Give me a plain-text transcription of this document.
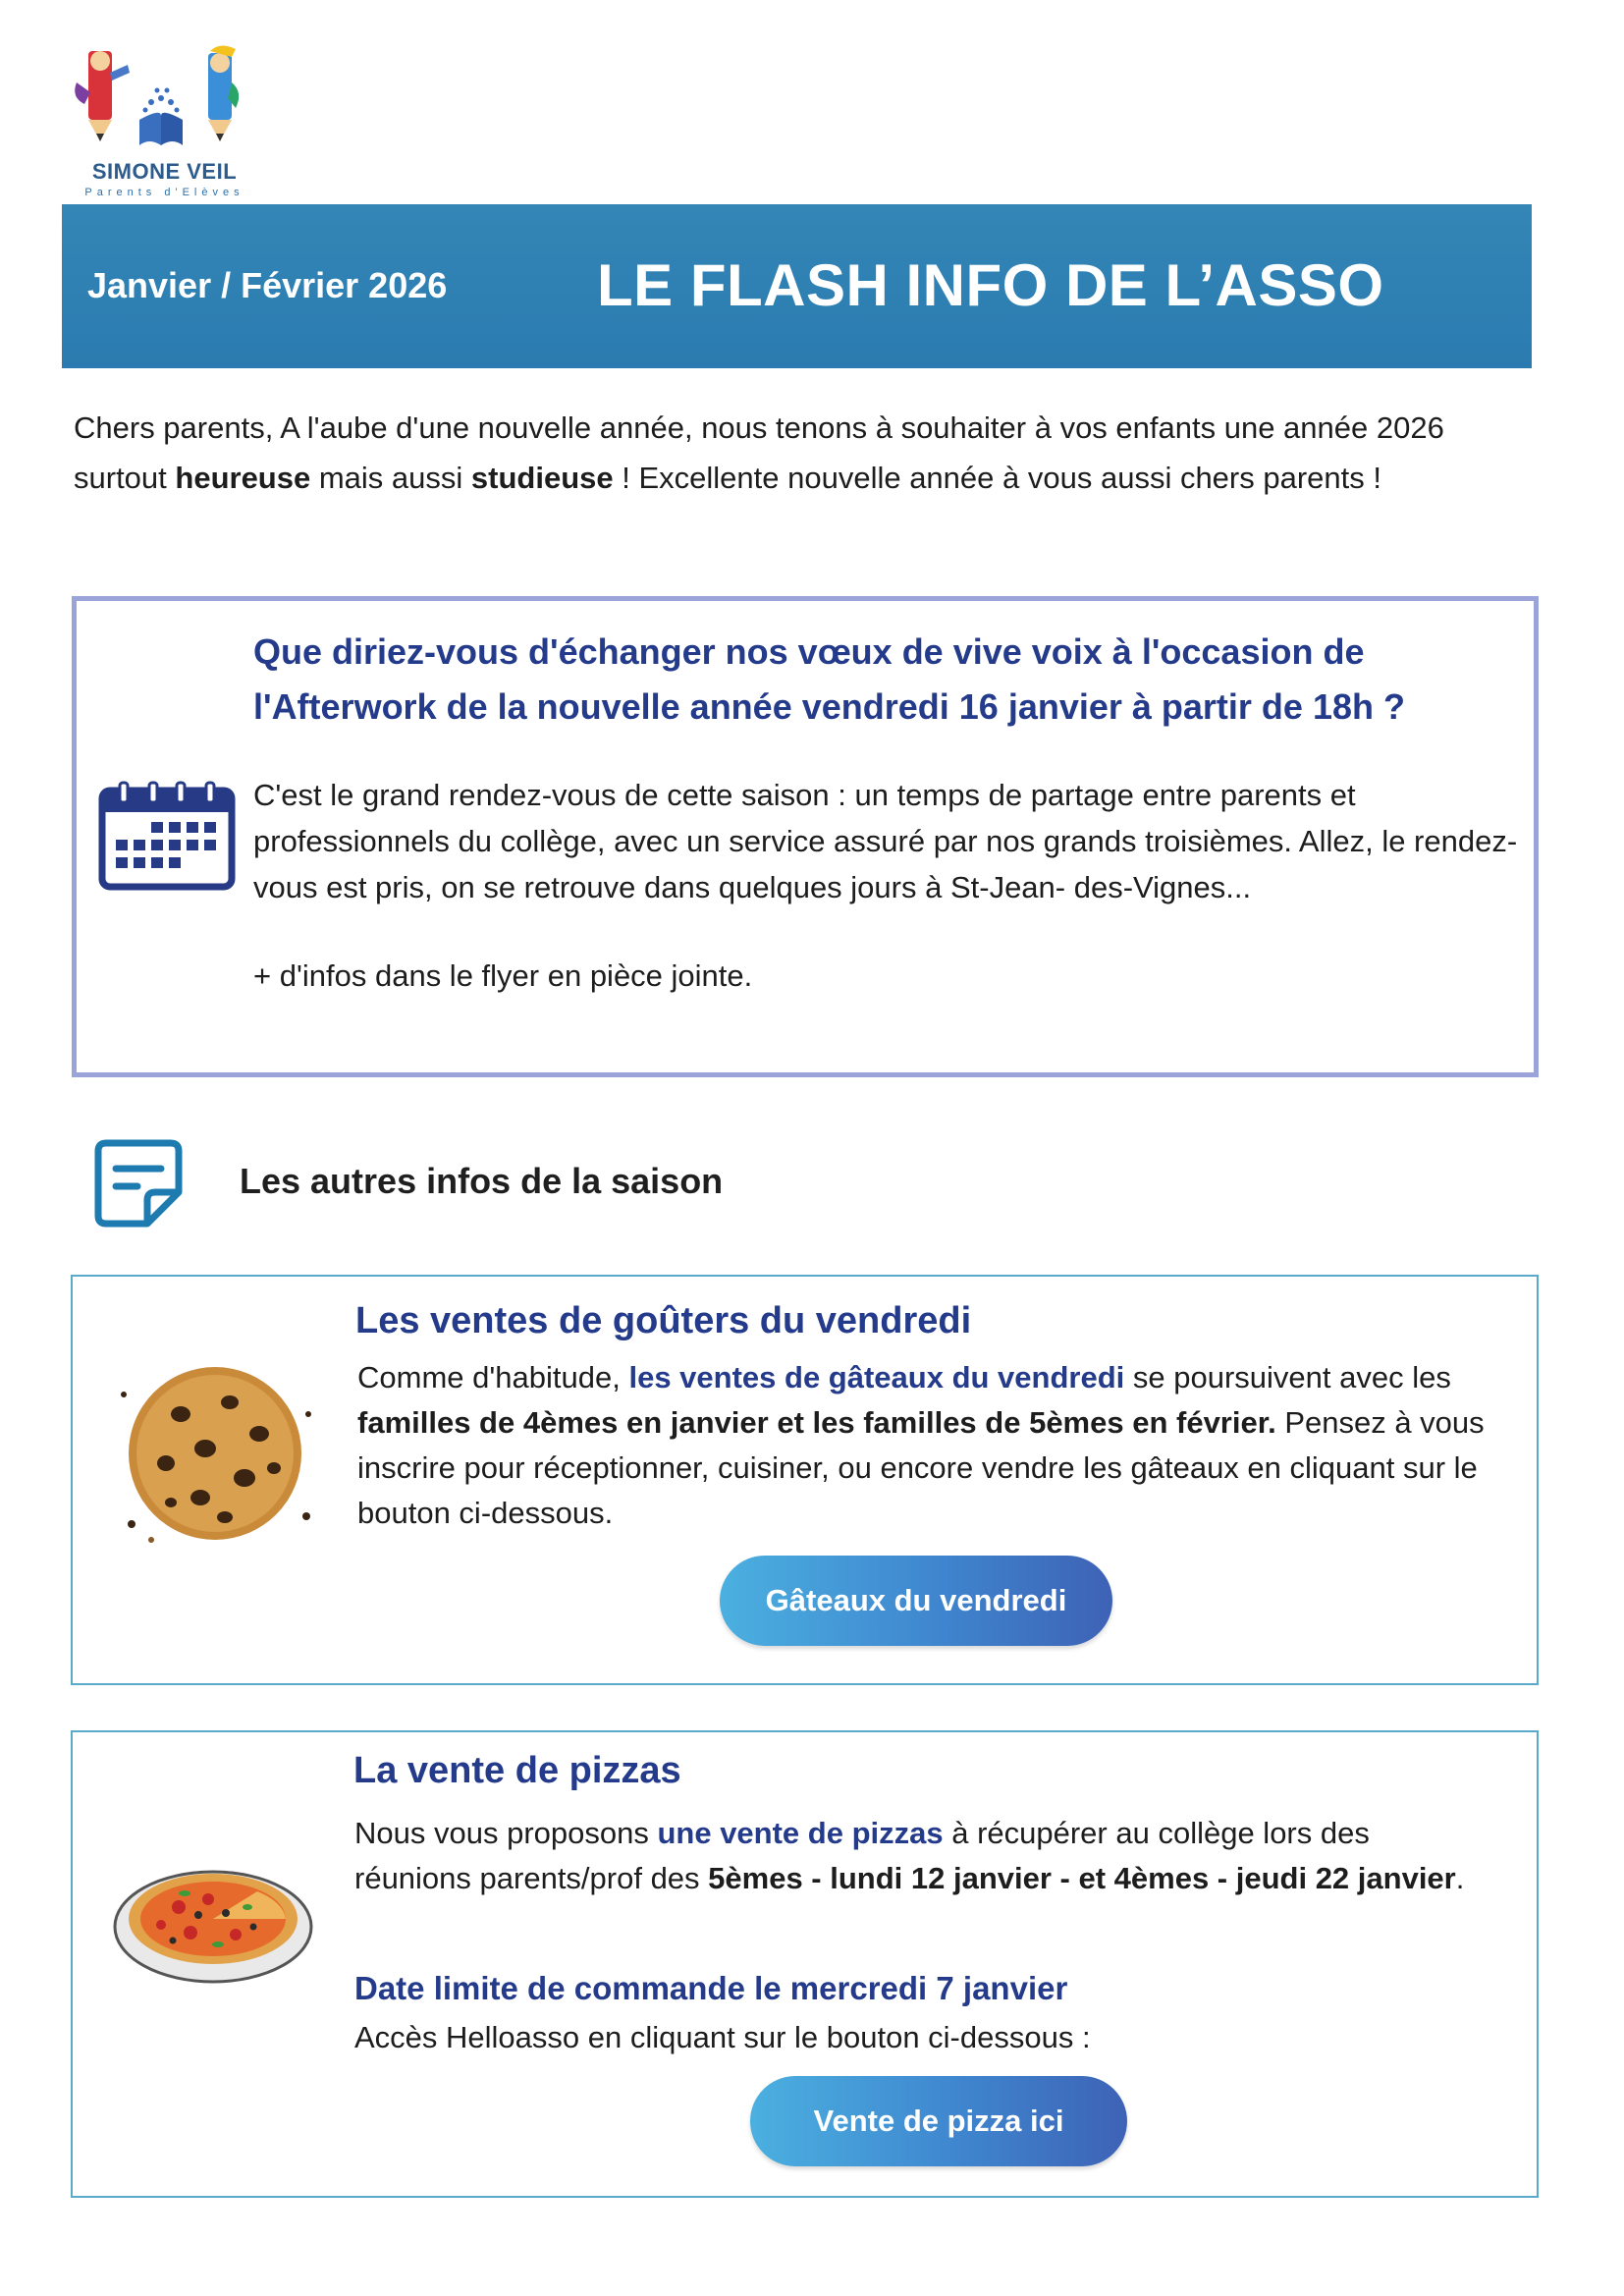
SIMONE VEIL
Parents d'Elèves
Janvier / Février 2026	LE FLASH INFO DE L’ASSO
Chers parents, A l'aube d'une nouvelle année, nous tenons à souhaiter à vos enfants une année 2026 surtout heureuse mais aussi studieuse ! Excellente nouvelle année à vous aussi chers parents !
Que diriez-vous d'échanger nos vœux de vive voix à l'occasion de l'Afterwork de la nouvelle année vendredi 16 janvier à partir de 18h ?
C'est le grand rendez-vous de cette saison : un temps de partage entre parents et professionnels du collège, avec un service assuré par nos grands troisièmes. Allez, le rendez-vous est pris, on se retrouve dans quelques jours à St-Jean- des-Vignes...
+ d'infos dans le flyer en pièce jointe.
Les autres infos de la saison
Les ventes de goûters du vendredi
Comme d'habitude, les ventes de gâteaux du vendredi se poursuivent avec les familles de 4èmes en janvier et les familles de 5èmes en février. Pensez à vous inscrire pour réceptionner, cuisiner, ou encore vendre les gâteaux en cliquant sur le bouton ci-dessous.
Gâteaux du vendredi
La vente de pizzas
Nous vous proposons une vente de pizzas à récupérer au collège lors des réunions parents/prof des 5èmes - lundi 12 janvier - et 4èmes - jeudi 22 janvier.
Date limite de commande le mercredi 7 janvier
Accès Helloasso en cliquant sur le bouton ci-dessous :
Vente de pizza ici
